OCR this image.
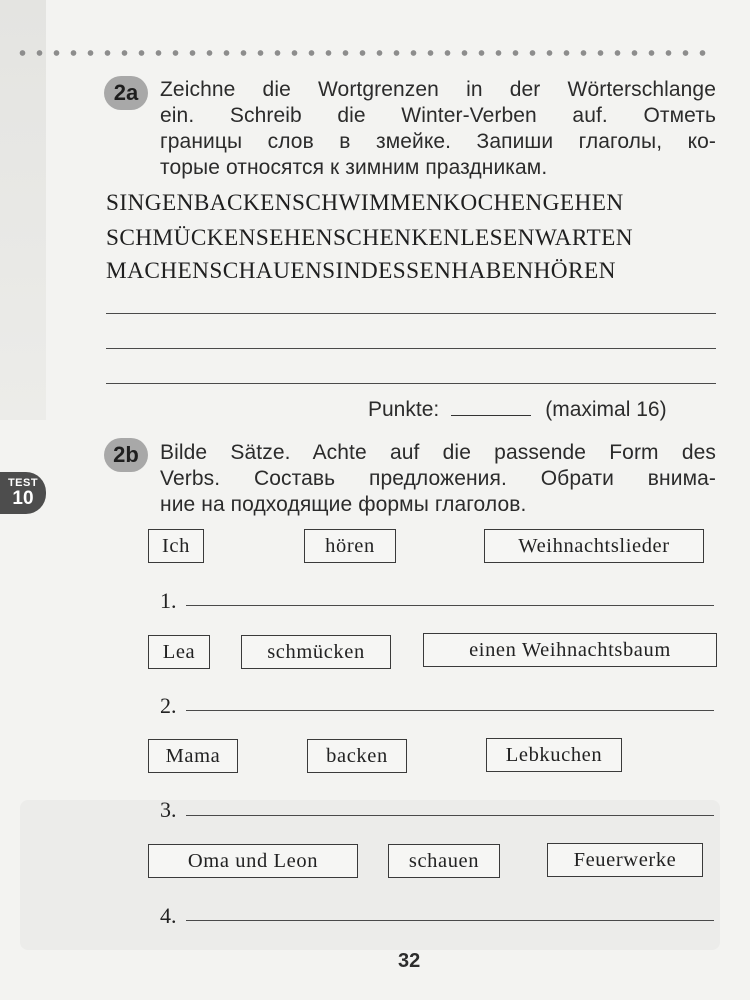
2a	Zeichne die Wortgrenzen in der Wörterschlange
ein. Schreib die Winter-Verben auf. Отметь
границы слов в змейке. Запиши глаголы, ко-
торые относятся к зимним праздникам.
SINGENBACKENSCHWIMMENKOCHENGEHEN
SCHMÜCKENSEHENSCHENKENLESENWARTEN
MACHENSCHAUENSINDESSENHABENHÖREN
Punkte:	(maximal 16)
TEST
10
2b	Bilde Sätze. Achte auf die passende Form des
Verbs. Составь предложения. Обрати внима-
ние на подходящие формы глаголов.
Ich	hören	Weihnachtslieder
1.
Lea	schmücken	einen Weihnachtsbaum
2.
Mama	backen	Lebkuchen
3.
Oma und Leon	schauen	Feuerwerke
4.
32
